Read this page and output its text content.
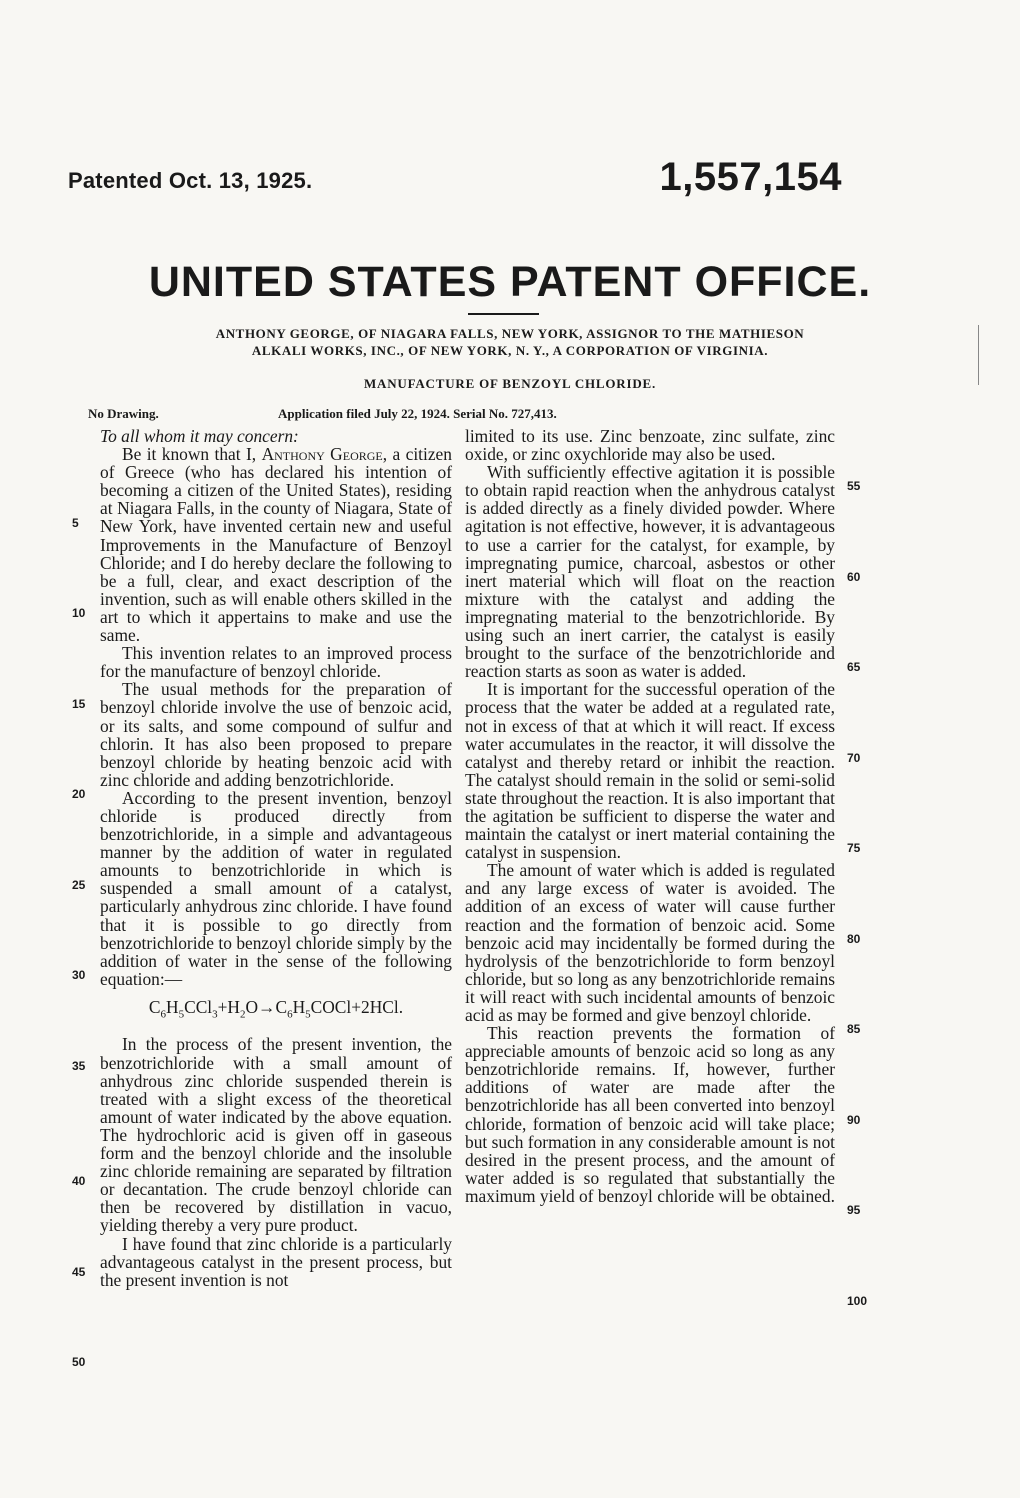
Patented Oct. 13, 1925.	1,557,154
UNITED STATES PATENT OFFICE.
ANTHONY GEORGE, OF NIAGARA FALLS, NEW YORK, ASSIGNOR TO THE MATHIESON
ALKALI WORKS, INC., OF NEW YORK, N. Y., A CORPORATION OF VIRGINIA.
MANUFACTURE OF BENZOYL CHLORIDE.
No Drawing.	Application filed July 22, 1924. Serial No. 727,413.

To all whom it may concern:

Be it known that I, Anthony George, a citizen of Greece (who has declared his intention of becoming a citizen of the United States), residing at Niagara Falls, in the county of Niagara, State of New York, have invented certain new and useful Improvements in the Manufacture of Benzoyl Chloride; and I do hereby declare the following to be a full, clear, and exact description of the invention, such as will enable others skilled in the art to which it appertains to make and use the same.

This invention relates to an improved process for the manufacture of benzoyl chloride.

The usual methods for the preparation of benzoyl chloride involve the use of benzoic acid, or its salts, and some compound of sulfur and chlorin. It has also been proposed to prepare benzoyl chloride by heating benzoic acid with zinc chloride and adding benzotrichloride.

According to the present invention, benzoyl chloride is produced directly from benzotrichloride, in a simple and advantageous manner by the addition of water in regulated amounts to benzotrichloride in which is suspended a small amount of a catalyst, particularly anhydrous zinc chloride. I have found that it is possible to go directly from benzotrichloride to benzoyl chloride simply by the addition of water in the sense of the following equation:—

$C_6H_5CCl_3+H_2O\to C_6H_5COCl+2HCl$.

In the process of the present invention, the benzotrichloride with a small amount of anhydrous zinc chloride suspended therein is treated with a slight excess of the theoretical amount of water indicated by the above equation. The hydrochloric acid is given off in gaseous form and the benzoyl chloride and the insoluble zinc chloride remaining are separated by filtration or decantation. The crude benzoyl chloride can then be recovered by distillation in vacuo, yielding thereby a very pure product.

I have found that zinc chloride is a particularly advantageous catalyst in the present process, but the present invention is not

limited to its use. Zinc benzoate, zinc sulfate, zinc oxide, or zinc oxychloride may also be used.

With sufficiently effective agitation it is possible to obtain rapid reaction when the anhydrous catalyst is added directly as a finely divided powder. Where agitation is not effective, however, it is advantageous to use a carrier for the catalyst, for example, by impregnating pumice, charcoal, asbestos or other inert material which will float on the reaction mixture with the catalyst and adding the impregnating material to the benzotrichloride. By using such an inert carrier, the catalyst is easily brought to the surface of the benzotrichloride and reaction starts as soon as water is added.

It is important for the successful operation of the process that the water be added at a regulated rate, not in excess of that at which it will react. If excess water accumulates in the reactor, it will dissolve the catalyst and thereby retard or inhibit the reaction. The catalyst should remain in the solid or semi-solid state throughout the reaction. It is also important that the agitation be sufficient to disperse the water and maintain the catalyst or inert material containing the catalyst in suspension.

The amount of water which is added is regulated and any large excess of water is avoided. The addition of an excess of water will cause further reaction and the formation of benzoic acid. Some benzoic acid may incidentally be formed during the hydrolysis of the benzotrichloride to form benzoyl chloride, but so long as any benzotrichloride remains it will react with such incidental amounts of benzoic acid as may be formed and give benzoyl chloride.

This reaction prevents the formation of appreciable amounts of benzoic acid so long as any benzotrichloride remains. If, however, further additions of water are made after the benzotrichloride has all been converted into benzoyl chloride, formation of benzoic acid will take place; but such formation in any considerable amount is not desired in the present process, and the amount of water added is so regulated that substantially the maximum yield of benzoyl chloride will be obtained.

5
10
15
20
25
30
35
40
45
50
55
60
65
70
75
80
85
90
95
100
